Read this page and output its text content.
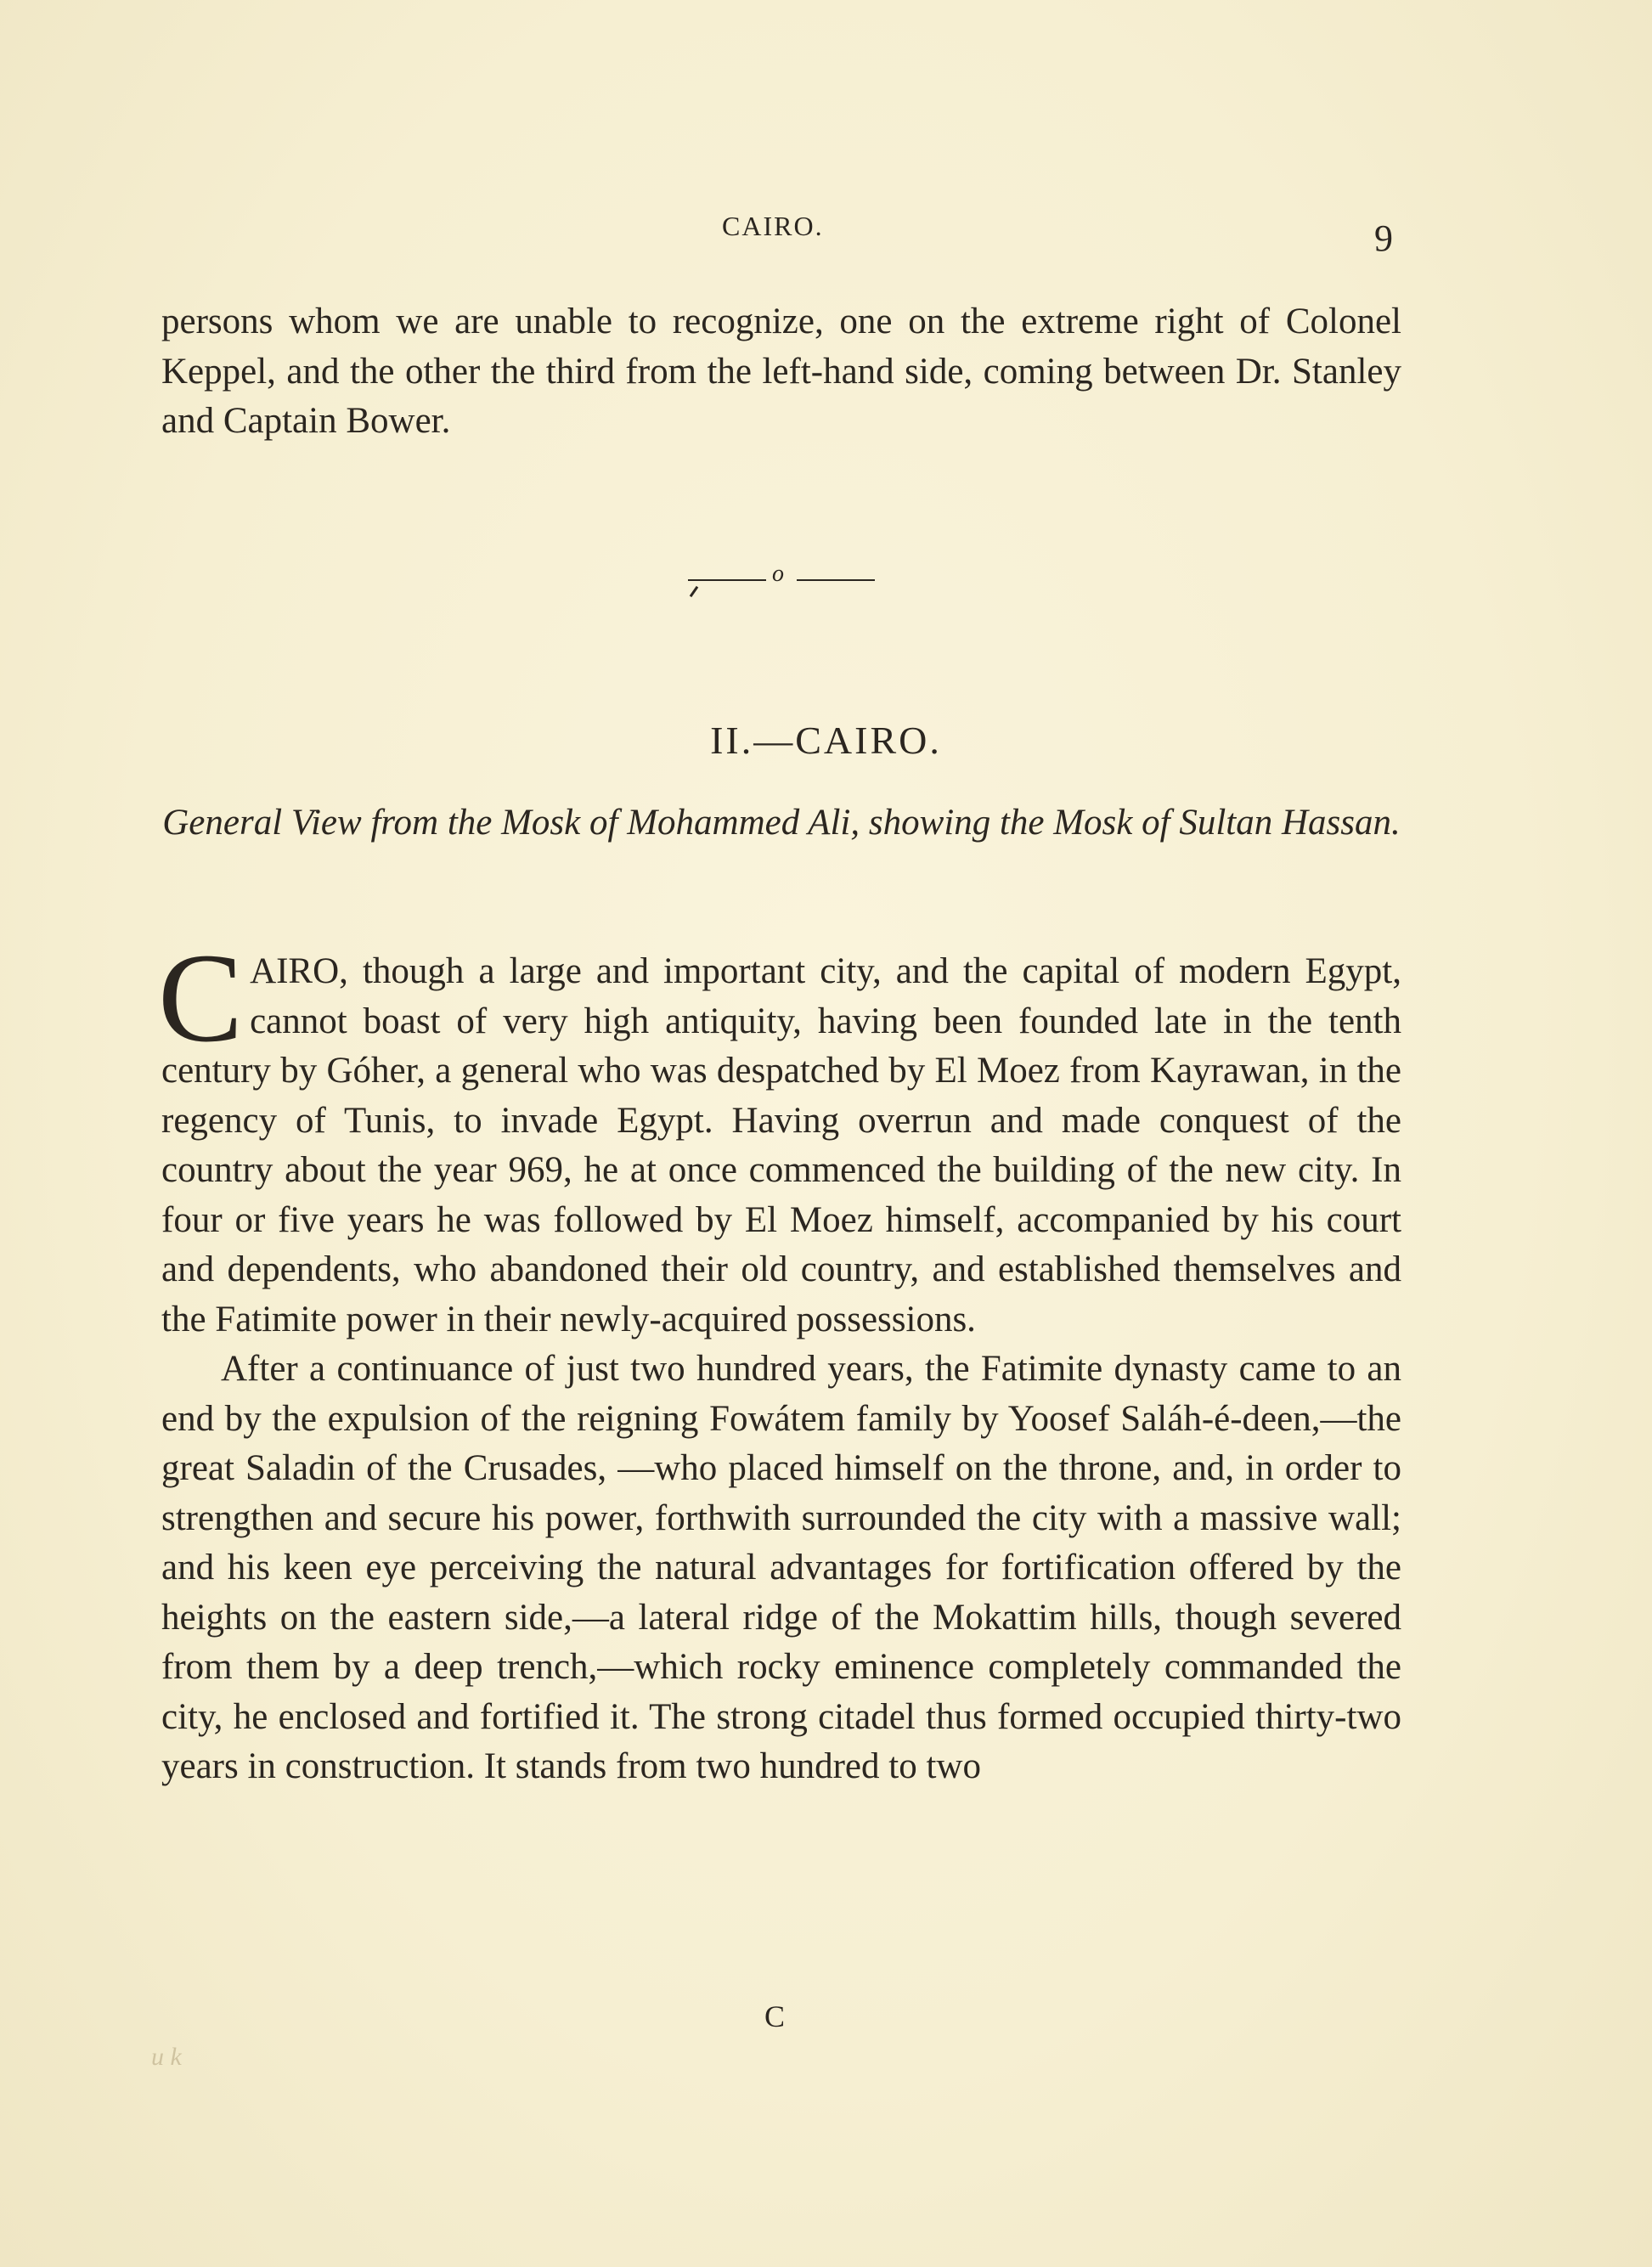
CAIRO.	9

persons whom we are unable to recognize, one on the extreme right of Colonel Keppel, and the other the third from the left-hand side, coming between Dr. Stanley and Captain Bower.

o
II.—CAIRO.
General View from the Mosk of Mohammed Ali, showing the Mosk of Sultan Hassan.

CAIRO, though a large and important city, and the capital of modern Egypt, cannot boast of very high antiquity, having been founded late in the tenth century by Góher, a general who was despatched by El Moez from Kayrawan, in the regency of Tunis, to invade Egypt. Having overrun and made conquest of the country about the year 969, he at once commenced the building of the new city. In four or five years he was followed by El Moez himself, accompanied by his court and dependents, who abandoned their old country, and established themselves and the Fatimite power in their newly-acquired possessions.

After a continuance of just two hundred years, the Fatimite dynasty came to an end by the expulsion of the reigning Fowátem family by Yoosef Saláh-é-deen,—the great Saladin of the Crusades, —who placed himself on the throne, and, in order to strengthen and secure his power, forthwith surrounded the city with a massive wall; and his keen eye perceiving the natural advantages for fortification offered by the heights on the eastern side,—a lateral ridge of the Mokattim hills, though severed from them by a deep trench,—which rocky eminence completely commanded the city, he enclosed and fortified it. The strong citadel thus formed occupied thirty-two years in construction. It stands from two hundred to two

C
u k
